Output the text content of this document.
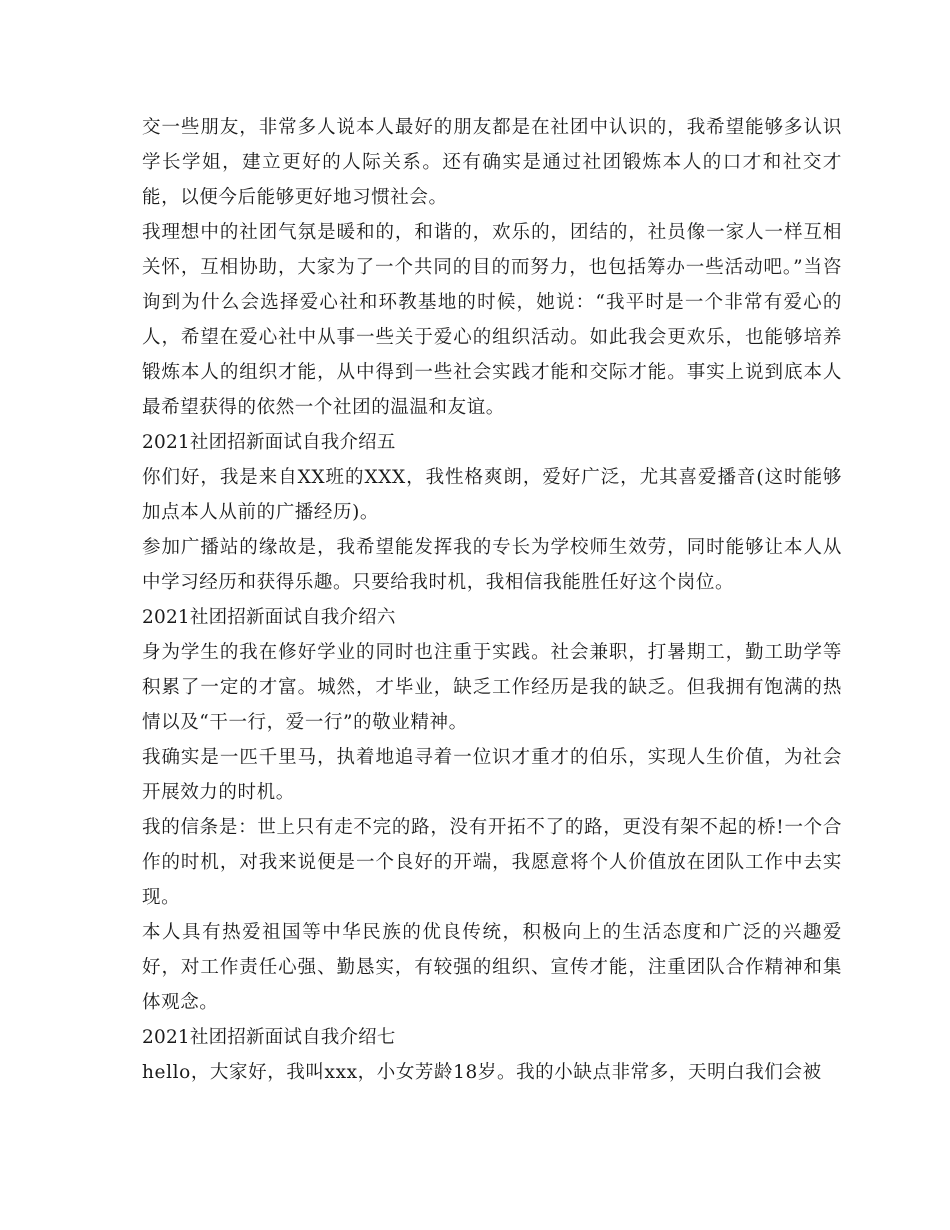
交一些朋友，非常多人说本人最好的朋友都是在社团中认识的，我希望能够多认识学长学姐，建立更好的人际关系。还有确实是通过社团锻炼本人的口才和社交才能，以便今后能够更好地习惯社会。

我理想中的社团气氛是暖和的，和谐的，欢乐的，团结的，社员像一家人一样互相关怀，互相协助，大家为了一个共同的目的而努力，也包括筹办一些活动吧。”当咨询到为什么会选择爱心社和环教基地的时候，她说：“我平时是一个非常有爱心的人，希望在爱心社中从事一些关于爱心的组织活动。如此我会更欢乐，也能够培养锻炼本人的组织才能，从中得到一些社会实践才能和交际才能。事实上说到底本人最希望获得的依然一个社团的温温和友谊。

2021社团招新面试自我介绍五

你们好，我是来自XX班的XXX，我性格爽朗，爱好广泛，尤其喜爱播音(这时能够加点本人从前的广播经历)。

参加广播站的缘故是，我希望能发挥我的专长为学校师生效劳，同时能够让本人从中学习经历和获得乐趣。只要给我时机，我相信我能胜任好这个岗位。

2021社团招新面试自我介绍六

身为学生的我在修好学业的同时也注重于实践。社会兼职，打暑期工，勤工助学等积累了一定的才富。城然，才毕业，缺乏工作经历是我的缺乏。但我拥有饱满的热情以及“干一行，爱一行”的敬业精神。

我确实是一匹千里马，执着地追寻着一位识才重才的伯乐，实现人生价值，为社会开展效力的时机。

我的信条是：世上只有走不完的路，没有开拓不了的路，更没有架不起的桥!一个合作的时机，对我来说便是一个良好的开端，我愿意将个人价值放在团队工作中去实现。

本人具有热爱祖国等中华民族的优良传统，积极向上的生活态度和广泛的兴趣爱好，对工作责任心强、勤恳实，有较强的组织、宣传才能，注重团队合作精神和集体观念。

2021社团招新面试自我介绍七

hello，大家好，我叫xxx，小女芳龄18岁。我的小缺点非常多，天明白我们会被
